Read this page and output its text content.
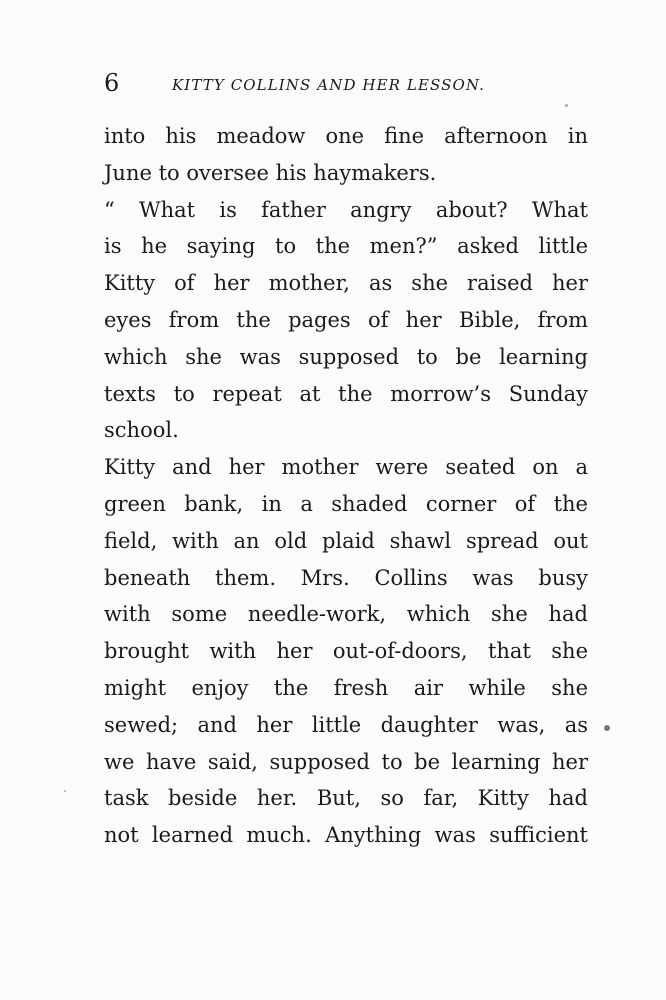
6	KITTY COLLINS AND HER LESSON.
into his meadow one fine afternoon in
June to oversee his haymakers.
“ What is father angry about? What
is he saying to the men?” asked little
Kitty of her mother, as she raised her
eyes from the pages of her Bible, from
which she was supposed to be learning
texts to repeat at the morrow’s Sunday
school.
Kitty and her mother were seated on a
green bank, in a shaded corner of the
field, with an old plaid shawl spread out
beneath them. Mrs. Collins was busy
with some needle-work, which she had
brought with her out-of-doors, that she
might enjoy the fresh air while she
sewed; and her little daughter was, as
we have said, supposed to be learning her
task beside her. But, so far, Kitty had
not learned much. Anything was sufficient
